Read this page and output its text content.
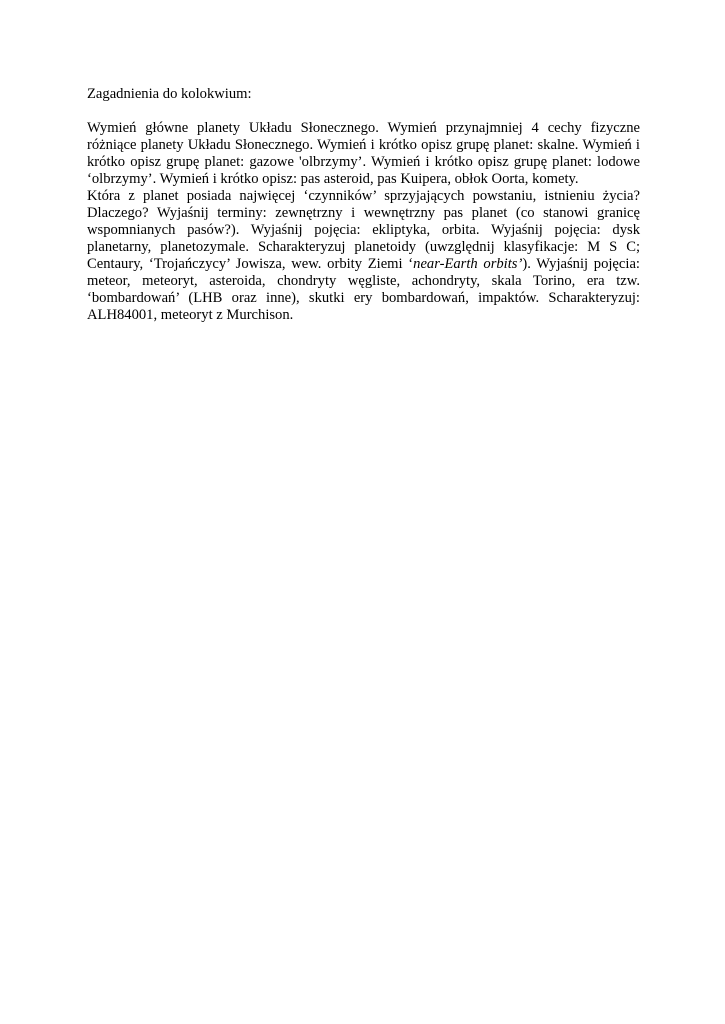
Zagadnienia do kolokwium:

Wymień główne planety Układu Słonecznego. Wymień przynajmniej 4 cechy fizyczne różniące planety Układu Słonecznego. Wymień i krótko opisz grupę planet: skalne. Wymień i krótko opisz grupę planet: gazowe 'olbrzymy’. Wymień i krótko opisz grupę planet: lodowe ‘olbrzymy’. Wymień i krótko opisz: pas asteroid, pas Kuipera, obłok Oorta, komety.

Która z planet posiada najwięcej ‘czynników’ sprzyjających powstaniu, istnieniu życia? Dlaczego? Wyjaśnij terminy: zewnętrzny i wewnętrzny pas planet (co stanowi granicę wspomnianych pasów?). Wyjaśnij pojęcia: ekliptyka, orbita. Wyjaśnij pojęcia: dysk planetarny, planetozymale. Scharakteryzuj planetoidy (uwzględnij klasyfikacje: M S C; Centaury, ‘Trojańczycy’ Jowisza, wew. orbity Ziemi ‘near-Earth orbits’). Wyjaśnij pojęcia: meteor, meteoryt, asteroida, chondryty węgliste, achondryty, skala Torino, era tzw. ‘bombardowań’ (LHB oraz inne), skutki ery bombardowań, impaktów. Scharakteryzuj: ALH84001, meteoryt z Murchison.
